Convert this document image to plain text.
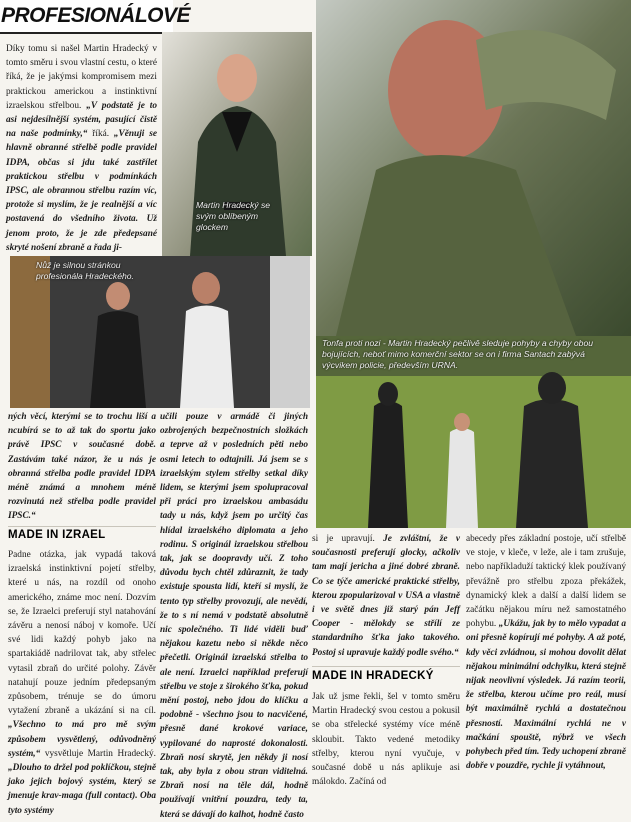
PROFESIONÁLOVÉ

Díky tomu si našel Martin Hradecký v tomto směru i svou vlastní cestu, o které říká, že je jakýmsi kompromisem mezi praktickou americkou a instinktivní izraelskou střelbou. „V podstatě je to asi nejdesílnější systém, pasující čistě na naše podmínky,“ říká. „Věnuji se hlavně obranné střelbě podle pravidel IDPA, občas si jdu také zastřílet praktickou střelbu v podmínkách IPSC, ale obrannou střelbu razím víc, protože si myslím, že je realnější a víc postavená do všedního života. Už jenom proto, že je zde předepsané skryté nošení zbraně a řada ji-

Martin Hradecký se svým oblíbeným glockem
Nůž je silnou stránkou profesionála Hradeckého.
Tonfa proti nozi - Martin Hradecký pečlivě sleduje pohyby a chyby obou bojujících, neboť mimo komerční sektor se on i firma Santach zabývá výcvikem policie, především URNA.

ných věcí, kterými se to trochu liší a ncubírá se to až tak do sportu jako právě IPSC v současné době. Zastávám také názor, že u nás je obranná střelba podle pravidel IDPA méně známá a mnohem méně rozvinutá než střelba podle pravidel IPSC.“

MADE IN IZRAEL

Padne otázka, jak vypadá taková izraelská instinktivní pojetí střelby, které u nás, na rozdíl od onoho amerického, známe moc není. Dozvím se, že Izraelci preferují styl natahování závěru a nenosí náboj v komoře. Učí své lidi každý pohyb jako na spartakiádě nadrilovat tak, aby střelec vytasil zbraň do určité polohy. Závěr natahují pouze jedním předepsaným způsobem, trénuje se do úmoru vytažení zbraně a ukázání si na cíl. „Všechno to má pro mě svým způsobem vysvětlený, odůvodněný systém,“ vysvětluje Martin Hradecký. „Dlouho to držel pod poklíčkou, stejně jako jejich bojový systém, který se jmenuje krav-maga (full contact). Oba tyto systémy

učili pouze v armádě či jiných ozbrojených bezpečnostních složkách a teprve až v posledních pěti nebo osmi letech to odtajnili. Já jsem se s izraelským stylem střelby setkal díky lidem, se kterými jsem spolupracoval při práci pro izraelskou ambasádu tady u nás, když jsem po určitý čas hlídal izraelského diplomata a jeho rodinu. S originál izraelskou střelbou tak, jak se doopravdy učí. Z toho důvodu bych chtěl zdůraznit, že tady existuje spousta lidí, kteří si myslí, že tento typ střelby provozují, ale nevědí, že to s ní nemá v podstatě absolutně nic společného. Ti lidé viděli buď nějakou kazetu nebo si někde něco přečetli. Originál izraelská střelba to ale není. Izraelci například preferují střelbu ve stoje z širokého šťka, pokud mění postoj, nebo jdou do klíčku a podobně - všechno jsou to nacvičené, přesně dané krokové variace, vypilované do naprosté dokonalosti. Zbraň nosí skrytě, jen někdy ji nosí tak, aby byla z obou stran viditelná. Zbraň nosí na těle dál, hodně používají vnitřní pouzdra, tedy ta, která se dávají do kalhot, hodně často

si je upravují. Je zvláštní, že v současnosti preferují glocky, ačkoliv tam mají jericha a jiné dobré zbraně. Co se týče americké praktické střelby, kterou zpopularizoval v USA a vlastně i ve světě dnes již starý pán Jeff Cooper - mělokdy se střílí ze standardního šťka jako takového. Postoj si upravuje každý podle svého.“

MADE IN HRADECKÝ

Jak už jsme řekli, šel v tomto směru Martin Hradecký svou cestou a pokusil se oba střelecké systémy více méně skloubit. Takto vedené metodiky střelby, kterou nyní vyučuje, v současné době u nás aplikuje asi málokdo. Začíná od

abecedy přes základní postoje, učí střelbě ve stoje, v kleče, v leže, ale i tam zrušuje, nebo napříkladuží taktický klek používaný převážně pro střelbu zpoza překážek, dynamický klek a další a další lidem se začátku nějakou míru než samostatného pohybu. „Ukážu, jak by to mělo vypadat a oni přesně kopírují mé pohyby. A až poté, kdy věci zvládnou, si mohou dovolit dělat nějakou minimální odchylku, která stejně nijak neovlivní výsledek. Já razím teorii, že střelba, kterou učíme pro reál, musí být maximálně rychlá a dostatečnou přesností. Maximální rychlá ne v mačkání spouště, nýbrž ve všech pohybech před tím. Tedy uchopení zbraně dobře v pouzdře, rychle ji vytáhnout,
